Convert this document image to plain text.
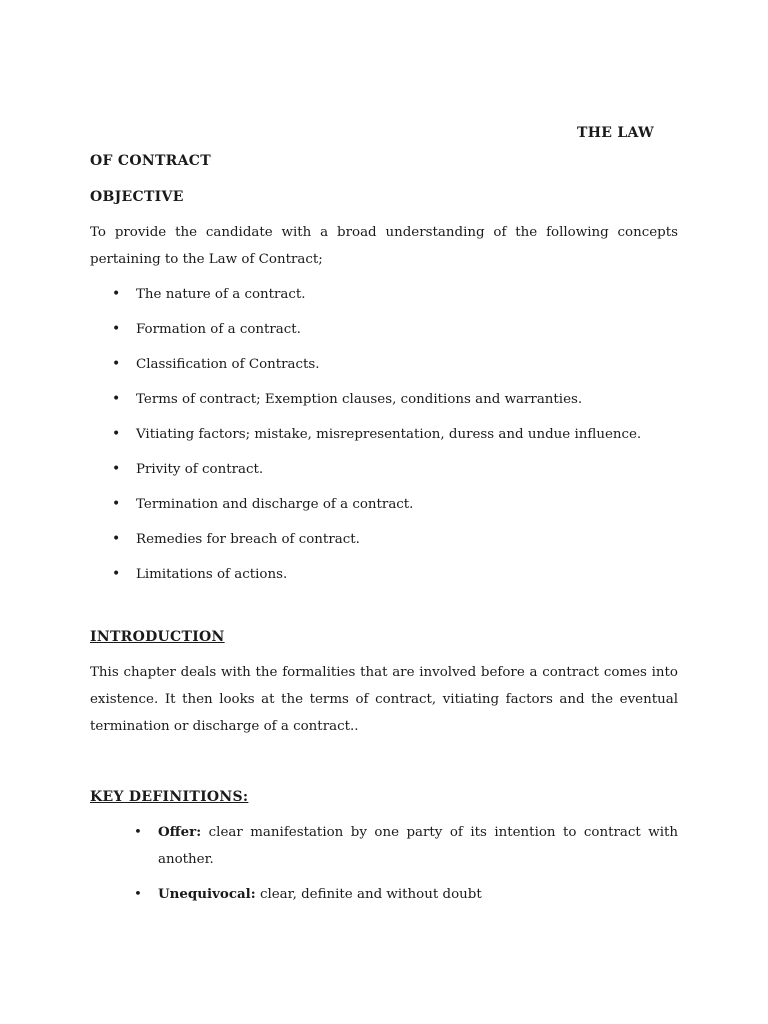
THE LAW
OF CONTRACT
OBJECTIVE
To provide the candidate with a broad understanding of the following concepts pertaining to the Law of Contract;
• The nature of a contract.
• Formation of a contract.
• Classification of Contracts.
• Terms of contract; Exemption clauses, conditions and warranties.
• Vitiating factors; mistake, misrepresentation, duress and undue influence.
• Privity of contract.
• Termination and discharge of a contract.
• Remedies for breach of contract.
• Limitations of actions.
INTRODUCTION
This chapter deals with the formalities that are involved before a contract comes into existence. It then looks at the terms of contract, vitiating factors and the eventual termination or discharge of a contract..
KEY DEFINITIONS:
• Offer: clear manifestation by one party of its intention to contract with another.
• Unequivocal: clear, definite and without doubt
